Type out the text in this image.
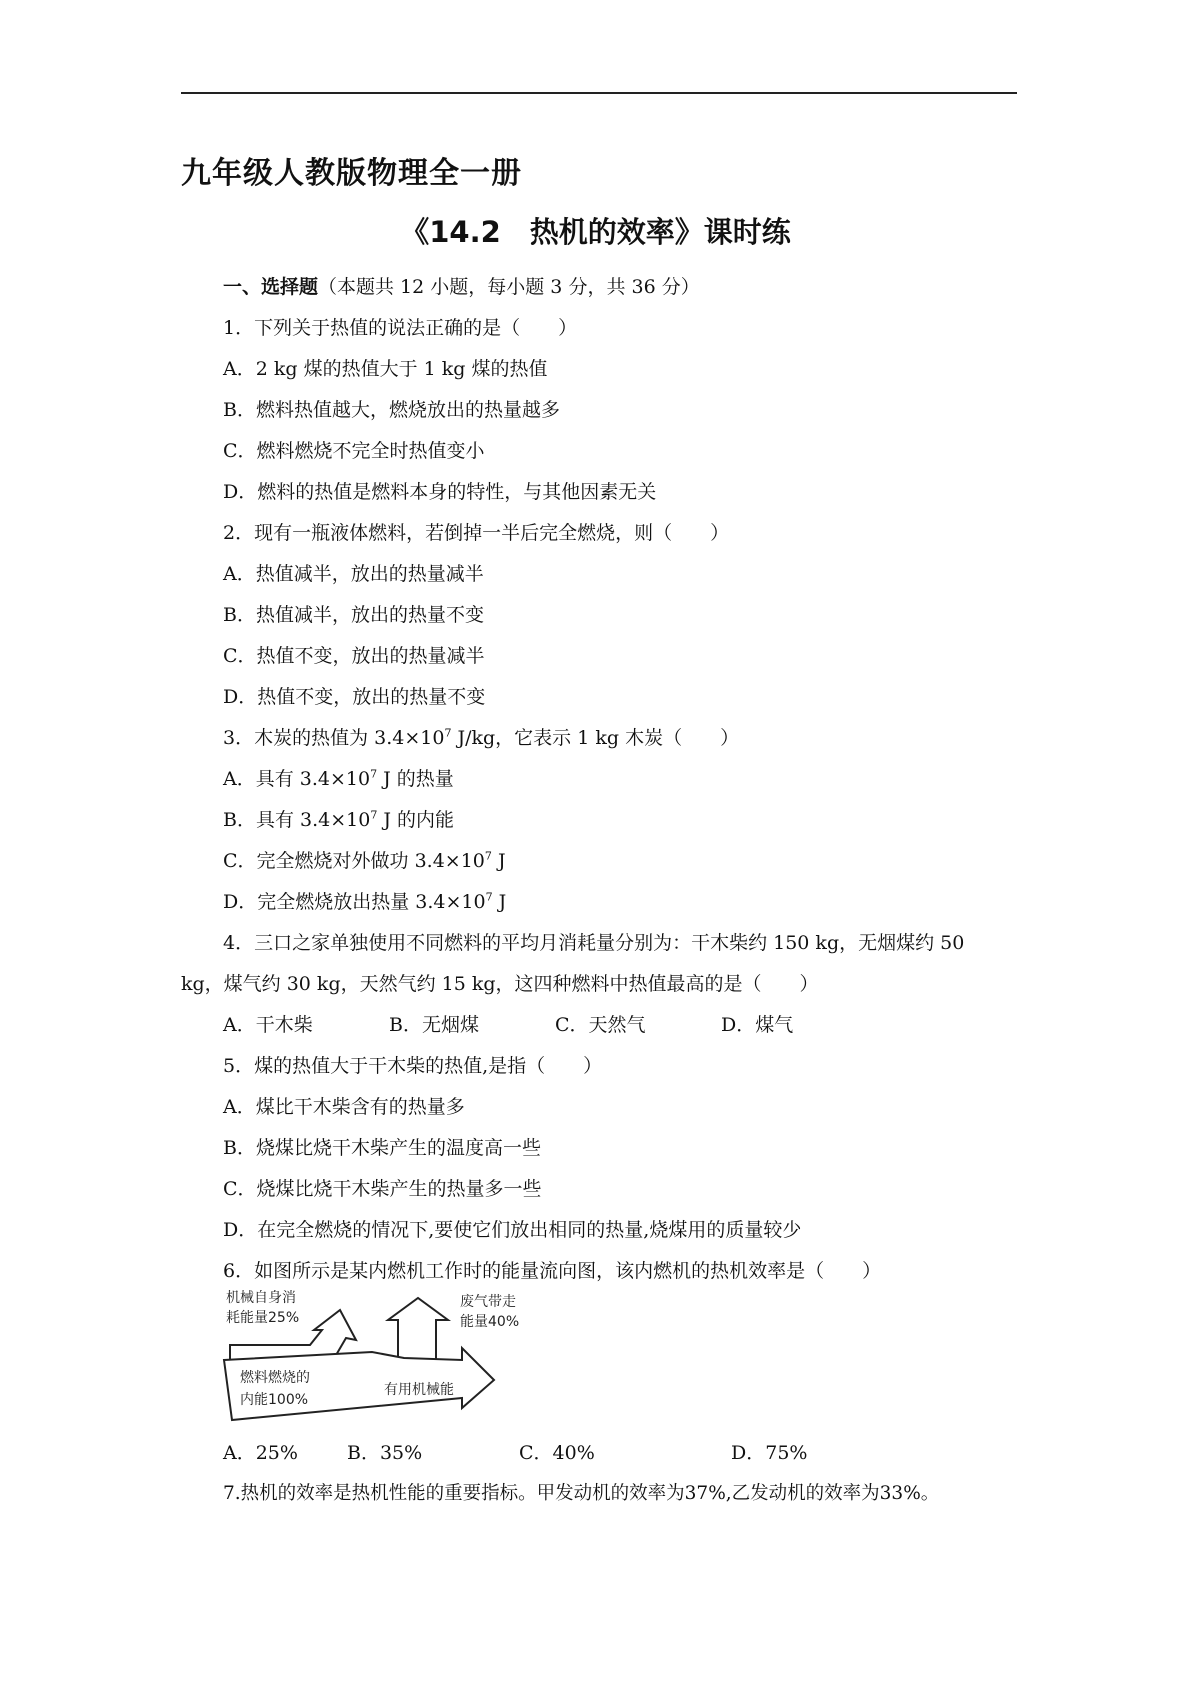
九年级人教版物理全一册
《14.2　热机的效率》课时练
一、选择题（本题共 12 小题，每小题 3 分，共 36 分）
1．下列关于热值的说法正确的是（　　）
A．2 kg 煤的热值大于 1 kg 煤的热值
B．燃料热值越大，燃烧放出的热量越多
C．燃料燃烧不完全时热值变小
D．燃料的热值是燃料本身的特性，与其他因素无关
2．现有一瓶液体燃料，若倒掉一半后完全燃烧，则（　　）
A．热值减半，放出的热量减半
B．热值减半，放出的热量不变
C．热值不变，放出的热量减半
D．热值不变，放出的热量不变
3．木炭的热值为 $3.4\times 10^7$ J/kg，它表示 1 kg 木炭（　　）
A．具有 $3.4\times 10^7$ J 的热量
B．具有 $3.4\times 10^7$ J 的内能
C．完全燃烧对外做功 $3.4\times 10^7$ J
D．完全燃烧放出热量 $3.4\times 10^7$ J
4．三口之家单独使用不同燃料的平均月消耗量分别为：干木柴约 150 kg，无烟煤约 50
kg，煤气约 30 kg，天然气约 15 kg，这四种燃料中热值最高的是（　　）
A．干木柴	B．无烟煤	C．天然气	D．煤气
5．煤的热值大于干木柴的热值,是指（　　）
A．煤比干木柴含有的热量多
B．烧煤比烧干木柴产生的温度高一些
C．烧煤比烧干木柴产生的热量多一些
D．在完全燃烧的情况下,要使它们放出相同的热量,烧煤用的质量较少
6．如图所示是某内燃机工作时的能量流向图，该内燃机的热机效率是（　　）
机械自身消
耗能量25%
废气带走
能量40%
燃料燃烧的
内能100%
有用机械能
A．25%	B．35%	C．40%	D．75%
7.热机的效率是热机性能的重要指标。甲发动机的效率为37%,乙发动机的效率为33%。
